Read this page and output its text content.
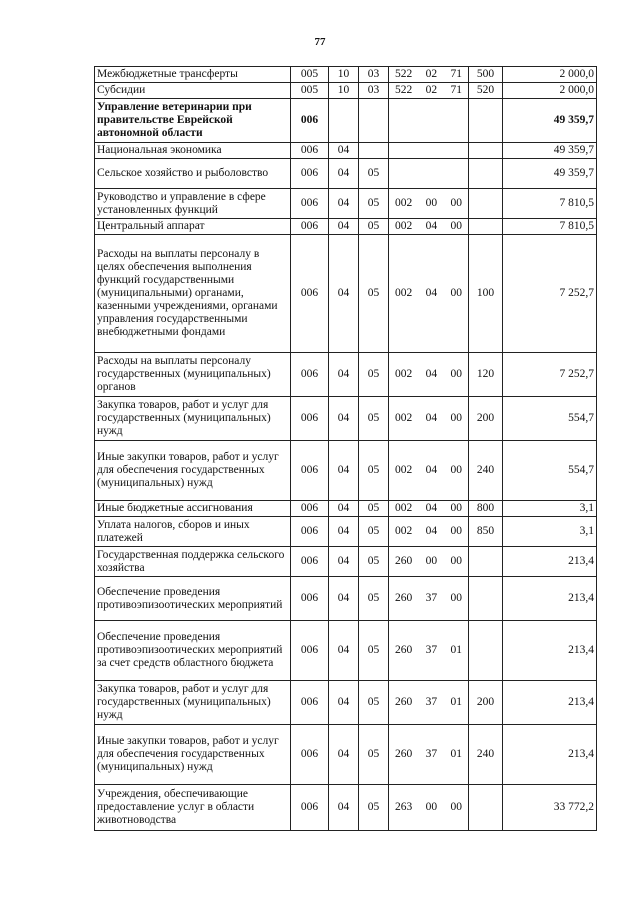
77
Межбюджетные трансферты	005	10	03	522 02 71	500	2 000,0
Субсидии	005	10	03	522 02 71	520	2 000,0
Управление ветеринарии при правительстве Еврейской автономной области	006					49 359,7
Национальная экономика	006	04				49 359,7
Сельское хозяйство и рыболовство	006	04	05			49 359,7
Руководство и управление в сфере установленных функций	006	04	05	002 00 00		7 810,5
Центральный аппарат	006	04	05	002 04 00		7 810,5
Расходы на выплаты персоналу в целях обеспечения выполнения функций государственными (муниципальными) органами, казенными учреждениями, органами управления государственными внебюджетными фондами	006	04	05	002 04 00	100	7 252,7
Расходы на выплаты персоналу государственных (муниципальных) органов	006	04	05	002 04 00	120	7 252,7
Закупка товаров, работ и услуг для государственных (муниципальных) нужд	006	04	05	002 04 00	200	554,7
Иные закупки товаров, работ и услуг для обеспечения государственных (муниципальных) нужд	006	04	05	002 04 00	240	554,7
Иные бюджетные ассигнования	006	04	05	002 04 00	800	3,1
Уплата налогов, сборов и иных платежей	006	04	05	002 04 00	850	3,1
Государственная поддержка сельского хозяйства	006	04	05	260 00 00		213,4
Обеспечение проведения противоэпизоотических мероприятий	006	04	05	260 37 00		213,4
Обеспечение проведения противоэпизоотических мероприятий за счет средств областного бюджета	006	04	05	260 37 01		213,4
Закупка товаров, работ и услуг для государственных (муниципальных) нужд	006	04	05	260 37 01	200	213,4
Иные закупки товаров, работ и услуг для обеспечения государственных (муниципальных) нужд	006	04	05	260 37 01	240	213,4
Учреждения, обеспечивающие предоставление услуг в области животноводства	006	04	05	263 00 00		33 772,2
